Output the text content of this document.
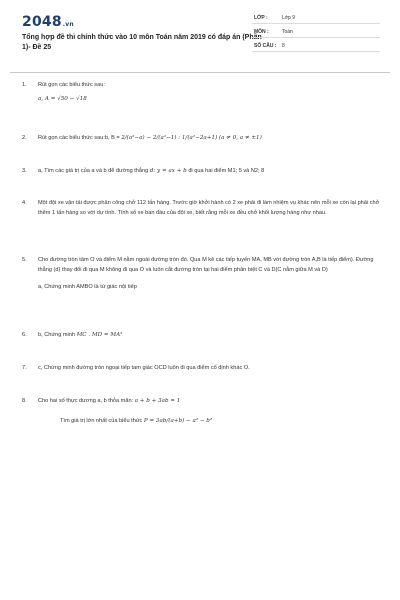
2048.vn
Tổng hợp đề thi chính thức vào 10 môn Toán năm 2019 có đáp án (Phần 1)- Đề 25
LỚP :	Lớp 9
MÔN :	Toán
SỐ CÂU : 8
1. Rút gọn các biểu thức sau:
a, A = √50 − √18
2. Rút gọn các biểu thức sau:b, B = 2/(a²−a) − 2/(a²−1) : 1/(a²−2a+1) (a ≠ 0, a ≠ ±1)
3. a, Tìm các giá trị của a và b để đường thẳng d: y = ax + b đi qua hai điểm M1; 5 và N2; 8
4. Một đội xe vận tải được phân công chở 112 tấn hàng. Trước giờ khởi hành có 2 xe phải đi làm nhiệm vụ khác nên mỗi xe còn lại phải chở thêm 1 tấn hàng so với dự tính. Tính số xe ban đầu của đội xe, biết rằng mỗi xe đều chở khối lượng hàng như nhau.
5. Cho đường tròn tâm O và điểm M nằm ngoài đường tròn đó. Qua M kẻ các tiếp tuyến MA, MB với đường tròn A,B là tiếp điểm). Đường thẳng (d) thay đổi đi qua M không đi qua O và luôn cắt đường tròn tại hai điểm phân biệt C và D(C nằm giữa M và D)
a, Chứng minh AMBO là tứ giác nội tiếp
6. b, Chứng minh MC . MD = MA²
7. c, Chứng minh đường tròn ngoại tiếp tam giác OCD luôn đi qua điểm cố định khác O.
8. Cho hai số thực dương a, b thỏa mãn: a + b + 3ab = 1
Tìm giá trị lớn nhất của biểu thức P = 3ab/(a+b) − a² − b²
